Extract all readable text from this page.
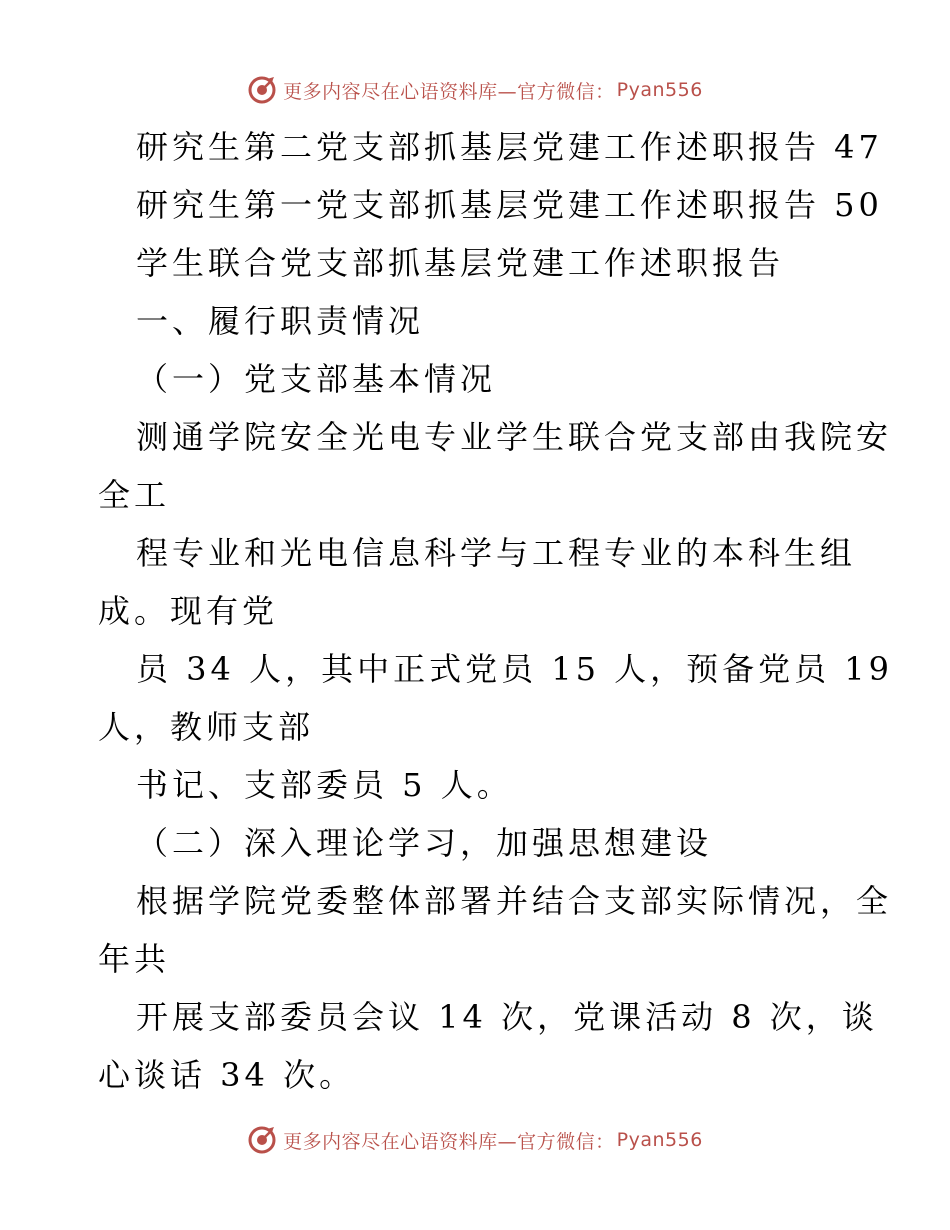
更多内容尽在心语资料库—官方微信： Pyan556
研究生第二党支部抓基层党建工作述职报告 47
研究生第一党支部抓基层党建工作述职报告 50
学生联合党支部抓基层党建工作述职报告
一、履行职责情况
（一）党支部基本情况
测通学院安全光电专业学生联合党支部由我院安
全工
程专业和光电信息科学与工程专业的本科生组
成。现有党
员 34 人，其中正式党员 15 人，预备党员 19
人，教师支部
书记、支部委员 5 人。
（二）深入理论学习，加强思想建设
根据学院党委整体部署并结合支部实际情况，全
年共
开展支部委员会议 14 次，党课活动 8 次，谈
心谈话 34 次。
更多内容尽在心语资料库—官方微信： Pyan556
